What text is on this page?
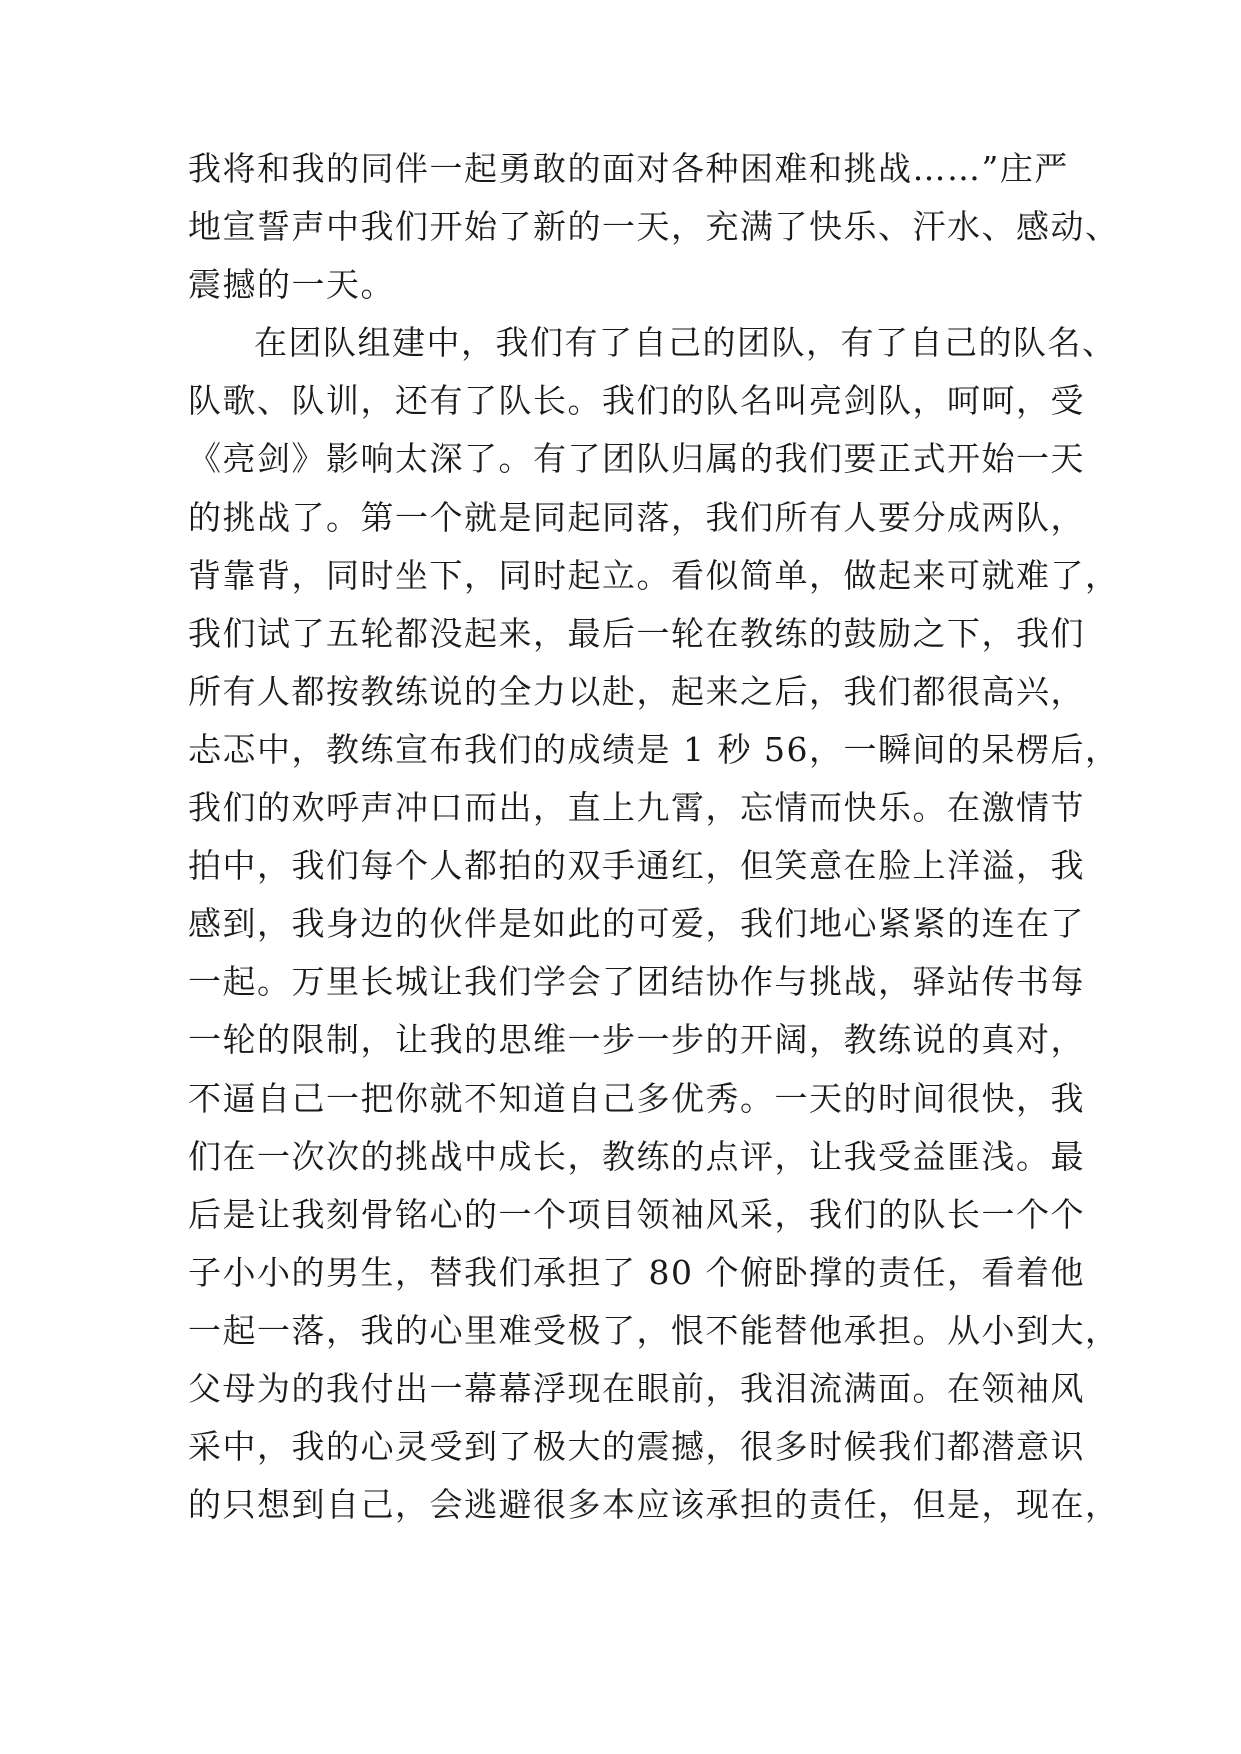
我将和我的同伴一起勇敢的面对各种困难和挑战……”庄严
地宣誓声中我们开始了新的一天，充满了快乐、汗水、感动、
震撼的一天。
在团队组建中，我们有了自己的团队，有了自己的队名、
队歌、队训，还有了队长。我们的队名叫亮剑队，呵呵，受
《亮剑》影响太深了。有了团队归属的我们要正式开始一天
的挑战了。第一个就是同起同落，我们所有人要分成两队，
背靠背，同时坐下，同时起立。看似简单，做起来可就难了，
我们试了五轮都没起来，最后一轮在教练的鼓励之下，我们
所有人都按教练说的全力以赴，起来之后，我们都很高兴，
忐忑中，教练宣布我们的成绩是 1 秒 56，一瞬间的呆楞后，
我们的欢呼声冲口而出，直上九霄，忘情而快乐。在激情节
拍中，我们每个人都拍的双手通红，但笑意在脸上洋溢，我
感到，我身边的伙伴是如此的可爱，我们地心紧紧的连在了
一起。万里长城让我们学会了团结协作与挑战，驿站传书每
一轮的限制，让我的思维一步一步的开阔，教练说的真对，
不逼自己一把你就不知道自己多优秀。一天的时间很快，我
们在一次次的挑战中成长，教练的点评，让我受益匪浅。最
后是让我刻骨铭心的一个项目领袖风采，我们的队长一个个
子小小的男生，替我们承担了 80 个俯卧撑的责任，看着他
一起一落，我的心里难受极了，恨不能替他承担。从小到大，
父母为的我付出一幕幕浮现在眼前，我泪流满面。在领袖风
采中，我的心灵受到了极大的震撼，很多时候我们都潜意识
的只想到自己，会逃避很多本应该承担的责任，但是，现在，
